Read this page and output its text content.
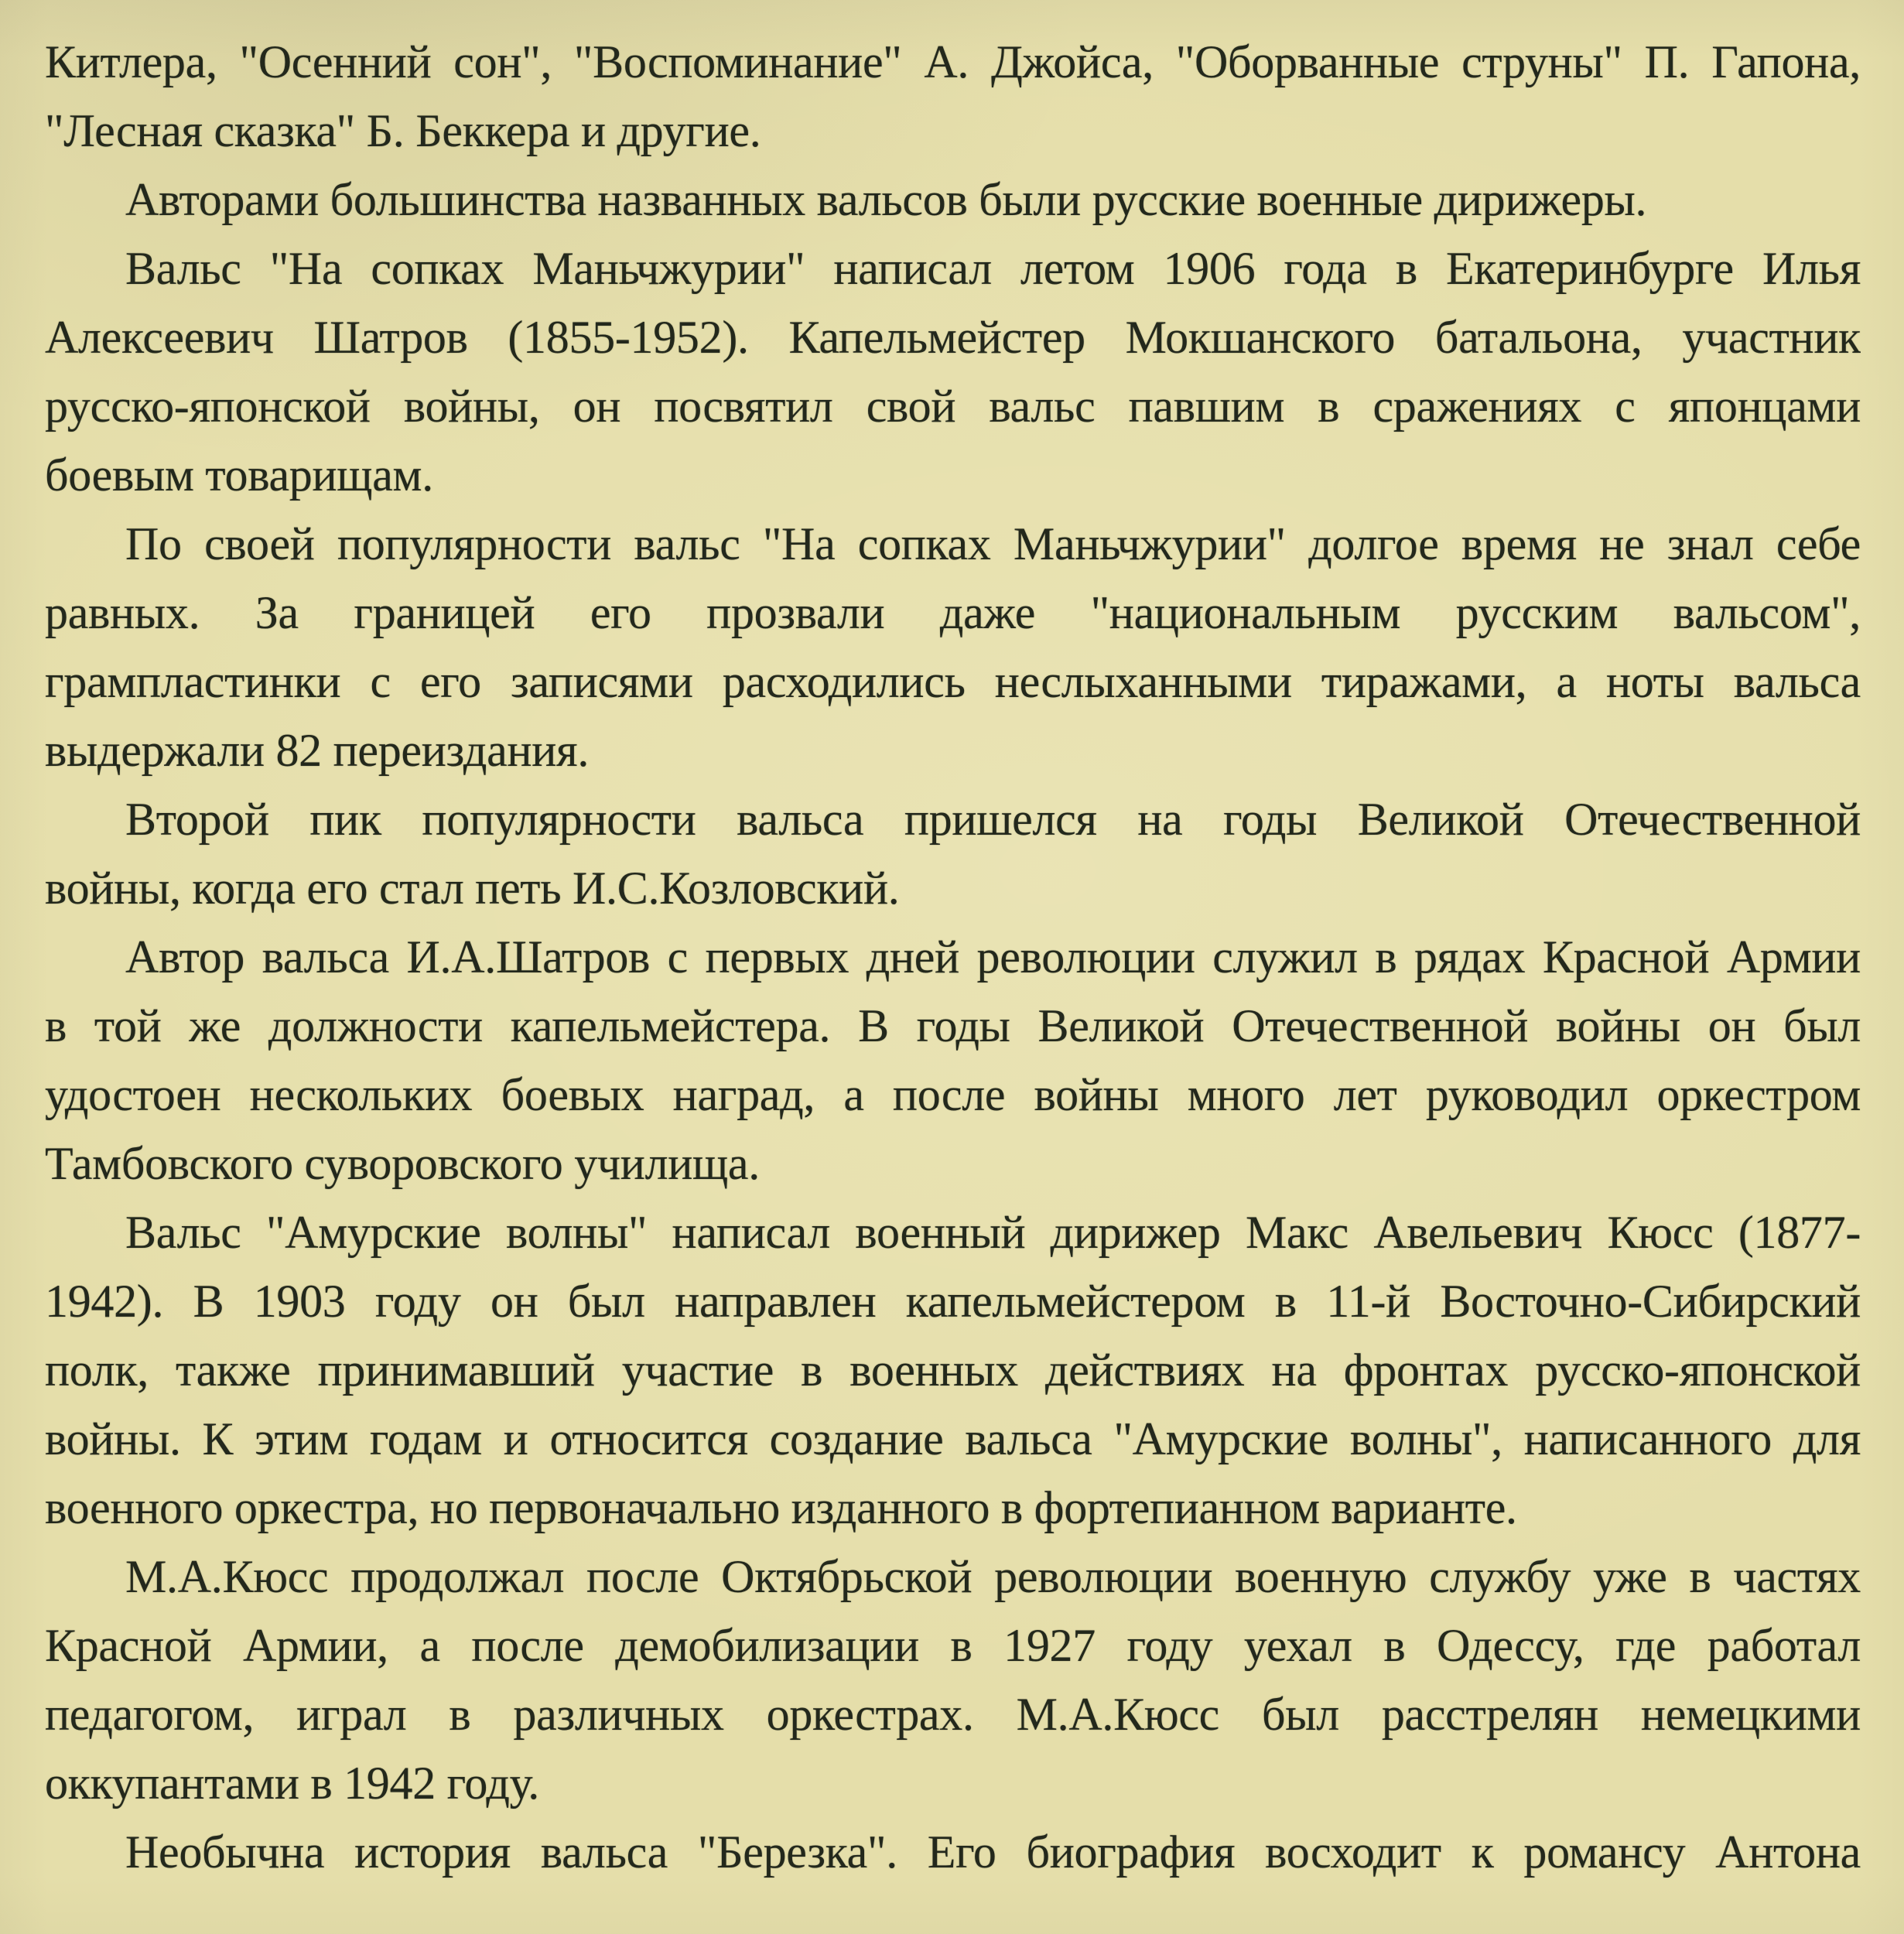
Китлера, "Осенний сон", "Воспоминание" А. Джойса, "Оборванные струны" П. Гапона,
"Лесная сказка" Б. Беккера и другие.
Авторами большинства названных вальсов были русские военные дирижеры.
Вальс "На сопках Маньчжурии" написал летом 1906 года в Екатеринбурге Илья
Алексеевич Шатров (1855-1952). Капельмейстер Мокшанского батальона, участник
русско-японской войны, он посвятил свой вальс павшим в сражениях с японцами
боевым товарищам.
По своей популярности вальс "На сопках Маньчжурии" долгое время не знал себе
равных. За границей его прозвали даже "национальным русским вальсом",
грампластинки с его записями расходились неслыханными тиражами, а ноты вальса
выдержали 82 переиздания.
Второй пик популярности вальса пришелся на годы Великой Отечественной
войны, когда его стал петь И.С.Козловский.
Автор вальса И.А.Шатров с первых дней революции служил в рядах Красной Армии
в той же должности капельмейстера. В годы Великой Отечественной войны он был
удостоен нескольких боевых наград, а после войны много лет руководил оркестром
Тамбовского суворовского училища.
Вальс "Амурские волны" написал военный дирижер Макс Авельевич Кюсс (1877-
1942). В 1903 году он был направлен капельмейстером в 11-й Восточно-Сибирский
полк, также принимавший участие в военных действиях на фронтах русско-японской
войны. К этим годам и относится создание вальса "Амурские волны", написанного для
военного оркестра, но первоначально изданного в фортепианном варианте.
М.А.Кюсс продолжал после Октябрьской революции военную службу уже в частях
Красной Армии, а после демобилизации в 1927 году уехал в Одессу, где работал
педагогом, играл в различных оркестрах. М.А.Кюсс был расстрелян немецкими
оккупантами в 1942 году.
Необычна история вальса "Березка". Его биография восходит к романсу Антона
